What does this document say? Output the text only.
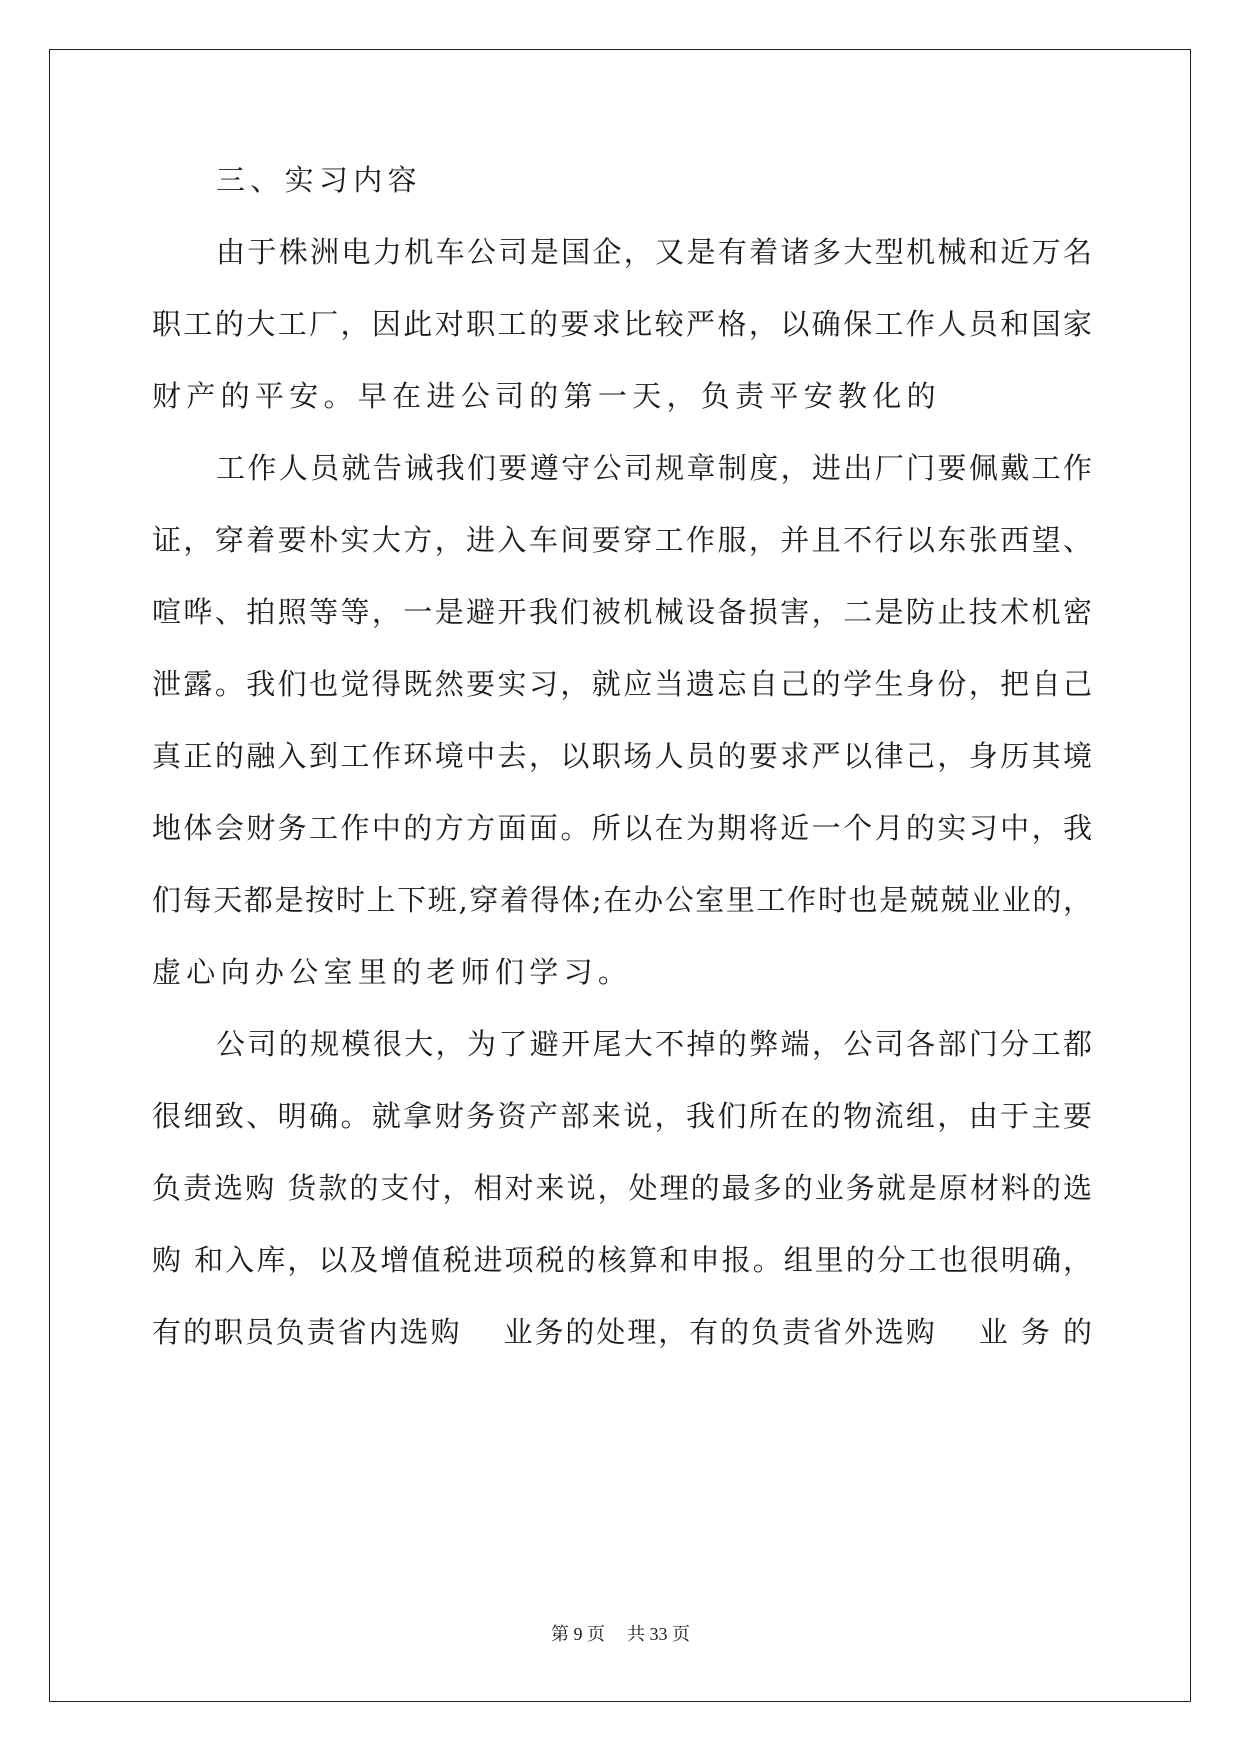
三、实习内容
由于株洲电力机车公司是国企，又是有着诸多大型机械和近万名
职工的大工厂，因此对职工的要求比较严格，以确保工作人员和国家
财产的平安。早在进公司的第一天，负责平安教化的
工作人员就告诫我们要遵守公司规章制度，进出厂门要佩戴工作
证，穿着要朴实大方，进入车间要穿工作服，并且不行以东张西望、
喧哗、拍照等等，一是避开我们被机械设备损害，二是防止技术机密
泄露。我们也觉得既然要实习，就应当遗忘自己的学生身份，把自己
真正的融入到工作环境中去，以职场人员的要求严以律己，身历其境
地体会财务工作中的方方面面。所以在为期将近一个月的实习中，我
们每天都是按时上下班,穿着得体;在办公室里工作时也是兢兢业业的，
虚心向办公室里的老师们学习。
公司的规模很大，为了避开尾大不掉的弊端，公司各部门分工都
很细致、明确。就拿财务资产部来说，我们所在的物流组，由于主要
负责选购 货款的支付，相对来说，处理的最多的业务就是原材料的选
购 和入库，以及增值税进项税的核算和申报。组里的分工也很明确，
有的职员负责省内选购　 业务的处理，有的负责省外选购　 业 务 的
第 9 页 共 33 页
